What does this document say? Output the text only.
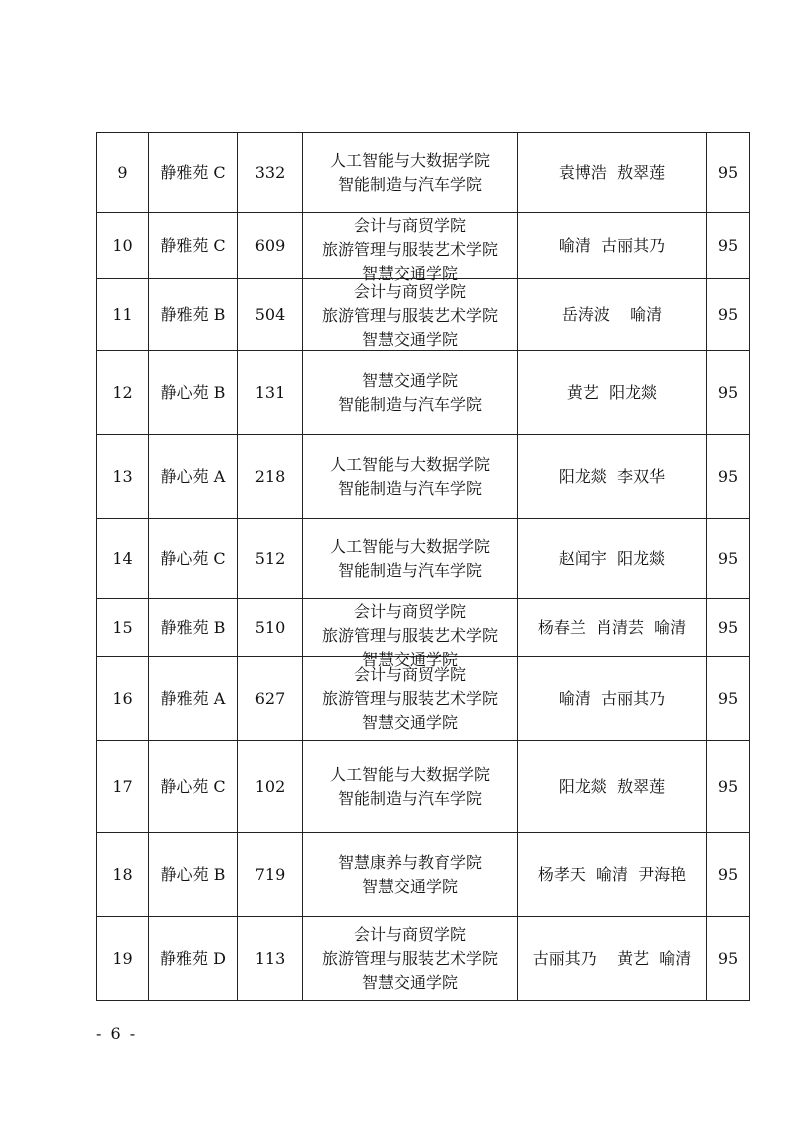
9	静雅苑 C	332	人工智能与大数据学院
智能制造与汽车学院	袁博浩  敖翠莲	95
10	静雅苑 C	609	会计与商贸学院
旅游管理与服装艺术学院
智慧交通学院	喻清  古丽其乃	95
11	静雅苑 B	504	会计与商贸学院
旅游管理与服装艺术学院
智慧交通学院	岳涛波    喻清	95
12	静心苑 B	131	智慧交通学院
智能制造与汽车学院	黄艺  阳龙燚	95
13	静心苑 A	218	人工智能与大数据学院
智能制造与汽车学院	阳龙燚  李双华	95
14	静心苑 C	512	人工智能与大数据学院
智能制造与汽车学院	赵闻宇  阳龙燚	95
15	静雅苑 B	510	会计与商贸学院
旅游管理与服装艺术学院
智慧交通学院	杨春兰  肖清芸  喻清	95
16	静雅苑 A	627	会计与商贸学院
旅游管理与服装艺术学院
智慧交通学院	喻清  古丽其乃	95
17	静心苑 C	102	人工智能与大数据学院
智能制造与汽车学院	阳龙燚  敖翠莲	95
18	静心苑 B	719	智慧康养与教育学院
智慧交通学院	杨孝天  喻清  尹海艳	95
19	静雅苑 D	113	会计与商贸学院
旅游管理与服装艺术学院
智慧交通学院	古丽其乃    黄艺  喻清	95
- 6 -
